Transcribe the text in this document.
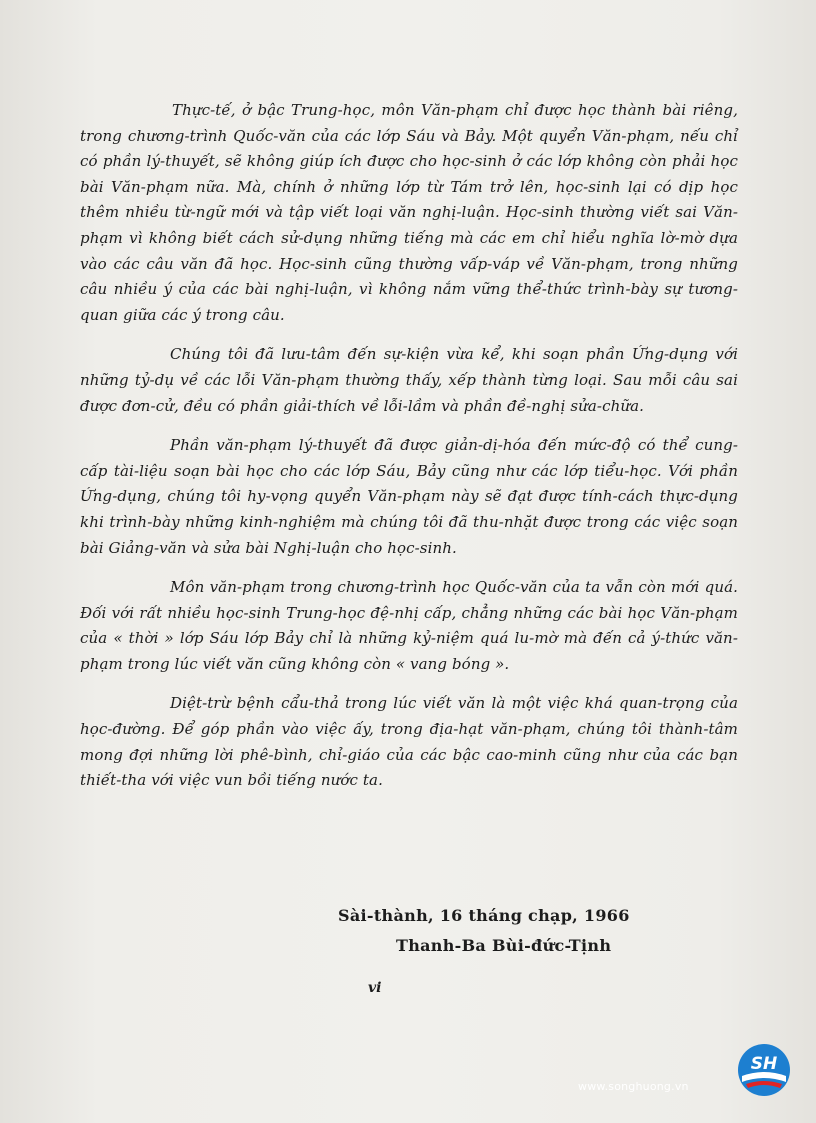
Thực-tế, ở bậc Trung-học, môn Văn-phạm chỉ được học thành bài riêng, trong chương-trình Quốc-văn của các lớp Sáu và Bảy. Một quyển Văn-phạm, nếu chỉ có phần lý-thuyết, sẽ không giúp ích được cho học-sinh ở các lớp không còn phải học bài Văn-phạm nữa. Mà, chính ở những lớp từ Tám trở lên, học-sinh lại có dịp học thêm nhiều từ-ngữ mới và tập viết loại văn nghị-luận. Học-sinh thường viết sai Văn-phạm vì không biết cách sử-dụng những tiếng mà các em chỉ hiểu nghĩa lờ-mờ dựa vào các câu văn đã học. Học-sinh cũng thường vấp-váp về Văn-phạm, trong những câu nhiều ý của các bài nghị-luận, vì không nắm vững thể-thức trình-bày sự tương-quan giữa các ý trong câu.

Chúng tôi đã lưu-tâm đến sự-kiện vừa kể, khi soạn phần Ứng-dụng với những tỷ-dụ về các lỗi Văn-phạm thường thấy, xếp thành từng loại. Sau mỗi câu sai được đơn-cử, đều có phần giải-thích về lỗi-lầm và phần đề-nghị sửa-chữa.

Phần văn-phạm lý-thuyết đã được giản-dị-hóa đến mức-độ có thể cung-cấp tài-liệu soạn bài học cho các lớp Sáu, Bảy cũng như các lớp tiểu-học. Với phần Ứng-dụng, chúng tôi hy-vọng quyển Văn-phạm này sẽ đạt được tính-cách thực-dụng khi trình-bày những kinh-nghiệm mà chúng tôi đã thu-nhặt được trong các việc soạn bài Giảng-văn và sửa bài Nghị-luận cho học-sinh.

Môn văn-phạm trong chương-trình học Quốc-văn của ta vẫn còn mới quá. Đối với rất nhiều học-sinh Trung-học đệ-nhị cấp, chẳng những các bài học Văn-phạm của « thời » lớp Sáu lớp Bảy chỉ là những kỷ-niệm quá lu-mờ mà đến cả ý-thức văn-phạm trong lúc viết văn cũng không còn « vang bóng ».

Diệt-trừ bệnh cẩu-thả trong lúc viết văn là một việc khá quan-trọng của học-đường. Để góp phần vào việc ấy, trong địa-hạt văn-phạm, chúng tôi thành-tâm mong đợi những lời phê-bình, chỉ-giáo của các bậc cao-minh cũng như của các bạn thiết-tha với việc vun bồi tiếng nước ta.

Sài-thành, 16 tháng chạp, 1966
Thanh-Ba Bùi-đức-Tịnh
vi
SH
www.songhuong.vn
